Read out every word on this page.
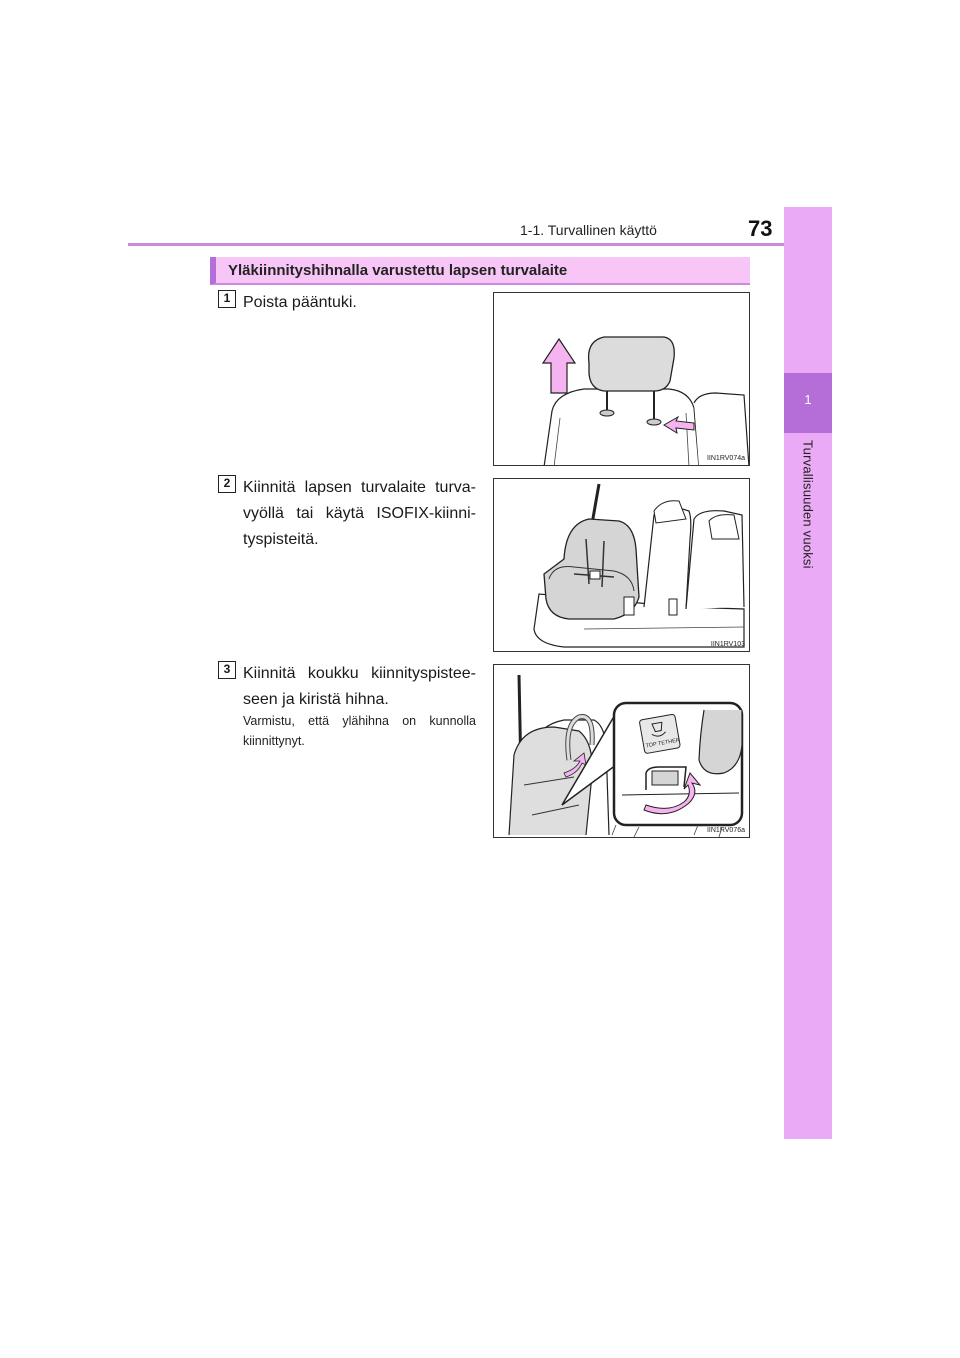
1-1. Turvallinen käyttö	73
1
Turvallisuuden vuoksi
Yläkiinnityshihnalla varustettu lapsen turvalaite
1 Poista pääntuki.
IIN1RV074a
2 Kiinnitä lapsen turvalaite turva-vyöllä tai käytä ISOFIX-kiinni-tyspisteitä.
IIN1RV103
3 Kiinnitä koukku kiinnityspistee-seen ja kiristä hihna.
Varmistu, että ylähihna on kunnolla kiinnittynyt.	TOP TETHER
IIN1RV076a
